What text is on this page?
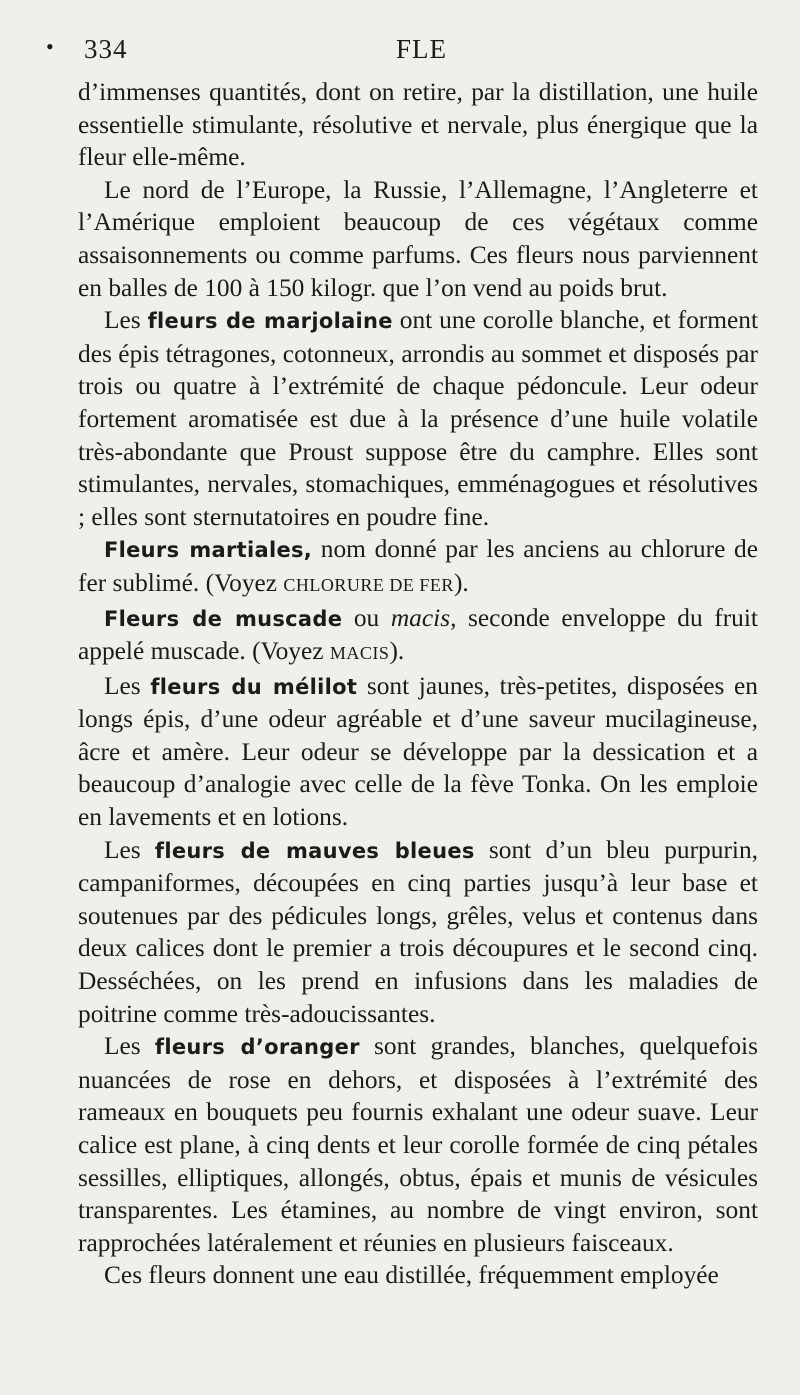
• 334	FLE

d’immenses quantités, dont on retire, par la distillation, une huile essentielle stimulante, résolutive et nervale, plus énergique que la fleur elle-même.

Le nord de l’Europe, la Russie, l’Allemagne, l’Angleterre et l’Amérique emploient beaucoup de ces végétaux comme assaisonnements ou comme parfums. Ces fleurs nous parviennent en balles de 100 à 150 kilogr. que l’on vend au poids brut.

Les fleurs de marjolaine ont une corolle blanche, et forment des épis tétragones, cotonneux, arrondis au sommet et disposés par trois ou quatre à l’extrémité de chaque pédoncule. Leur odeur fortement aromatisée est due à la présence d’une huile volatile très-abondante que Proust suppose être du camphre. Elles sont stimulantes, nervales, stomachiques, emménagogues et résolutives ; elles sont sternutatoires en poudre fine.

Fleurs martiales, nom donné par les anciens au chlorure de fer sublimé. (Voyez CHLORURE DE FER).

Fleurs de muscade ou macis, seconde enveloppe du fruit appelé muscade. (Voyez MACIS).

Les fleurs du mélilot sont jaunes, très-petites, disposées en longs épis, d’une odeur agréable et d’une saveur mucilagineuse, âcre et amère. Leur odeur se développe par la dessication et a beaucoup d’analogie avec celle de la fève Tonka. On les emploie en lavements et en lotions.

Les fleurs de mauves bleues sont d’un bleu purpurin, campaniformes, découpées en cinq parties jusqu’à leur base et soutenues par des pédicules longs, grêles, velus et contenus dans deux calices dont le premier a trois découpures et le second cinq. Desséchées, on les prend en infusions dans les maladies de poitrine comme très-adoucissantes.

Les fleurs d’oranger sont grandes, blanches, quelquefois nuancées de rose en dehors, et disposées à l’extrémité des rameaux en bouquets peu fournis exhalant une odeur suave. Leur calice est plane, à cinq dents et leur corolle formée de cinq pétales sessilles, elliptiques, allongés, obtus, épais et munis de vésicules transparentes. Les étamines, au nombre de vingt environ, sont rapprochées latéralement et réunies en plusieurs faisceaux.

Ces fleurs donnent une eau distillée, fréquemment employée
